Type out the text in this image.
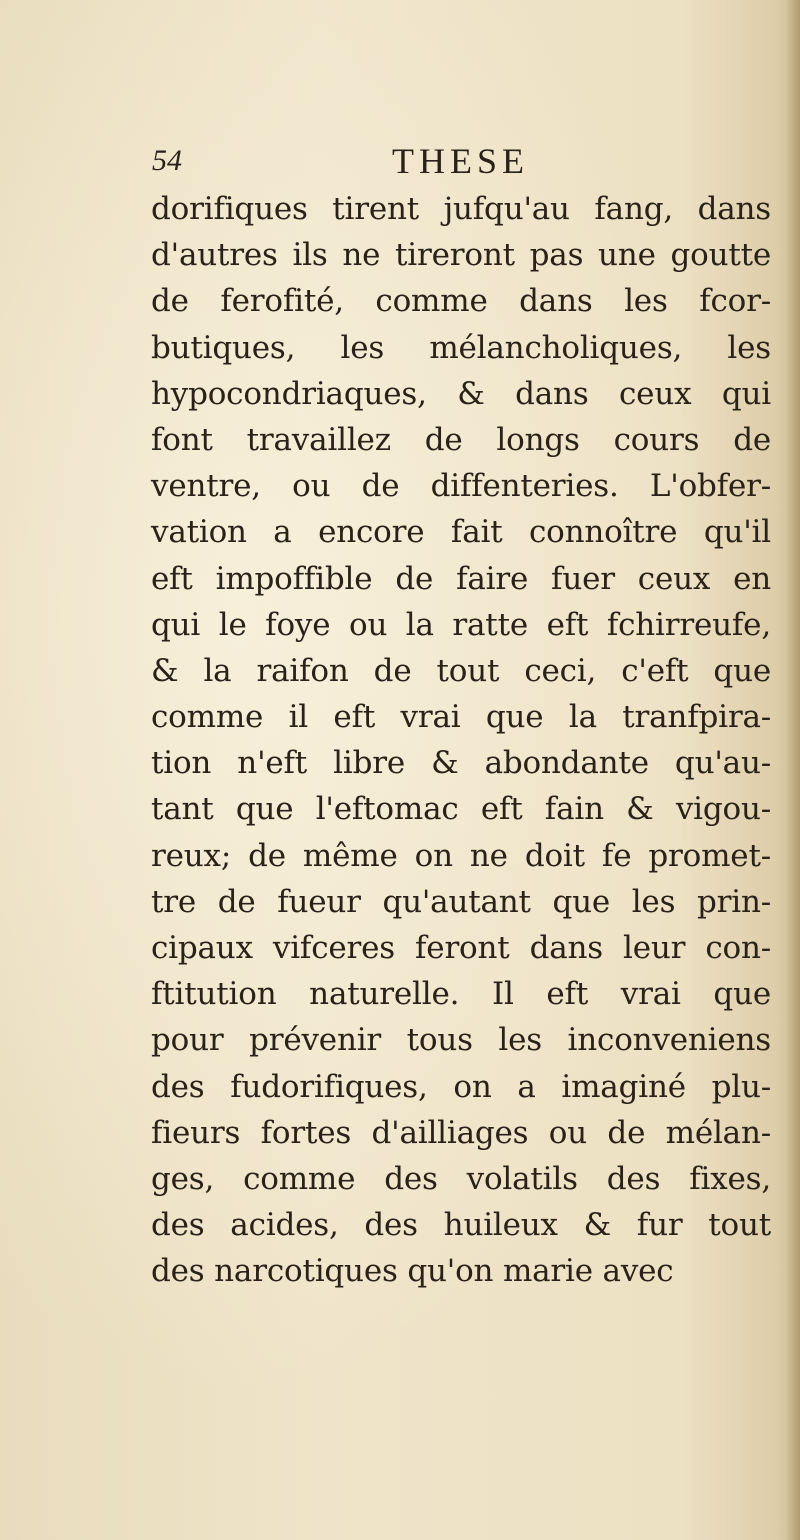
54	THESE
dorifiques tirent jufqu'au fang, dans
d'autres ils ne tireront pas une goutte
de ferofité, comme dans les fcor-
butiques, les mélancholiques, les
hypocondriaques, & dans ceux qui
font travaillez de longs cours de
ventre, ou de diffenteries. L'obfer-
vation a encore fait connoître qu'il
eft impoffible de faire fuer ceux en
qui le foye ou la ratte eft fchirreufe,
& la raifon de tout ceci, c'eft que
comme il eft vrai que la tranfpira-
tion n'eft libre & abondante qu'au-
tant que l'eftomac eft fain & vigou-
reux; de même on ne doit fe promet-
tre de fueur qu'autant que les prin-
cipaux vifceres feront dans leur con-
ftitution naturelle. Il eft vrai que
pour prévenir tous les inconveniens
des fudorifiques, on a imaginé plu-
fieurs fortes d'ailliages ou de mélan-
ges, comme des volatils des fixes,
des acides, des huileux & fur tout
des narcotiques qu'on marie avec
